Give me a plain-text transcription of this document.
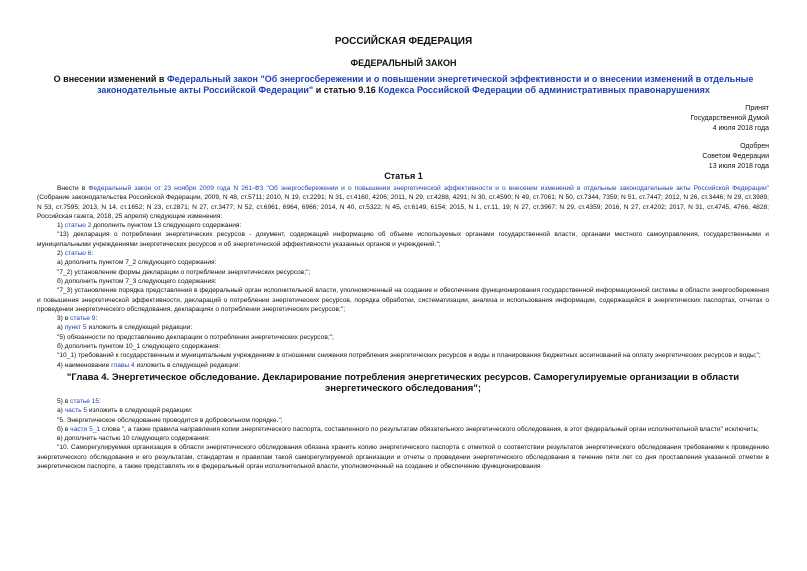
РОССИЙСКАЯ ФЕДЕРАЦИЯ
ФЕДЕРАЛЬНЫЙ ЗАКОН
О внесении изменений в Федеральный закон "Об энергосбережении и о повышении энергетической эффективности и о внесении изменений в отдельные законодательные акты Российской Федерации" и статью 9.16 Кодекса Российской Федерации об административных правонарушениях
Принят
Государственной Думой
4 июля 2018 года
Одобрен
Советом Федерации
13 июля 2018 года
Статья 1

Внести в Федеральный закон от 23 ноября 2009 года N 261-ФЗ "Об энергосбережении и о повышении энергетической эффективности и о внесении изменений в отдельные законодательные акты Российской Федерации" (Собрание законодательства Российской Федерации, 2009, N 48, ст.5711; 2010, N 19, ст.2291; N 31, ст.4160, 4206; 2011, N 29, ст.4288, 4291; N 30, ст.4590; N 49, ст.7061; N 50, ст.7344, 7359; N 51, ст.7447; 2012, N 26, ст.3446; N 29, ст.3989; N 53, ст.7595; 2013, N 14, ст.1652; N 23, ст.2871; N 27, ст.3477; N 52, ст.6961, 6964, 6966; 2014, N 40, ст.5322; N 45, ст.6149, 6154; 2015, N 1, ст.11, 19; N 27, ст.3967; N 29, ст.4359; 2016, N 27, ст.4202; 2017, N 31, ст.4745, 4766, 4828; Российская газета, 2018, 25 апреля) следующие изменения:

1) статью 2 дополнить пунктом 13 следующего содержания:

"13) декларация о потреблении энергетических ресурсов - документ, содержащий информацию об объеме используемых органами государственной власти, органами местного самоуправления, государственными и муниципальными учреждениями энергетических ресурсов и об энергетической эффективности указанных органов и учреждений.";

2) статью 6:

а) дополнить пунктом 7_2 следующего содержания:

"7_2) установление формы декларации о потреблении энергетических ресурсов;";

б) дополнить пунктом 7_3 следующего содержания:

"7_3) установление порядка представления в федеральный орган исполнительной власти, уполномоченный на создание и обеспечение функционирования государственной информационной системы в области энергосбережения и повышения энергетической эффективности, деклараций о потреблении энергетических ресурсов, порядка обработки, систематизации, анализа и использования информации, содержащейся в энергетических паспортах, отчетах о проведении энергетического обследования, декларациях о потреблении энергетических ресурсов;";

3) в статье 9:

а) пункт 5 изложить в следующей редакции:

"5) обязанности по представлению декларации о потреблении энергетических ресурсов;";

б) дополнить пунктом 10_1 следующего содержания:

"10_1) требований к государственным и муниципальным учреждениям в отношении снижения потребления энергетических ресурсов и воды и планирования бюджетных ассигнований на оплату энергетических ресурсов и воды;";

4) наименование главы 4 изложить в следующей редакции:

"Глава 4. Энергетическое обследование. Декларирование потребления энергетических ресурсов. Саморегулируемые организации в области энергетического обследования";

5) в статье 15:

а) часть 5 изложить в следующей редакции:

"5. Энергетическое обследование проводится в добровольном порядке.";

б) в части 5_1 слова ", а также правила направления копии энергетического паспорта, составленного по результатам обязательного энергетического обследования, в этот федеральный орган исполнительной власти" исключить;

в) дополнить частью 10 следующего содержания:

"10. Саморегулируемая организация в области энергетического обследования обязана хранить копию энергетического паспорта с отметкой о соответствии результатов энергетического обследования требованиям к проведению энергетического обследования и его результатам, стандартам и правилам такой саморегулируемой организации и отчеты о проведении энергетического обследования в течение пяти лет со дня проставления указанной отметки в энергетическом паспорте, а также представлять их в федеральный орган исполнительной власти, уполномоченный на создание и обеспечение функционирования
